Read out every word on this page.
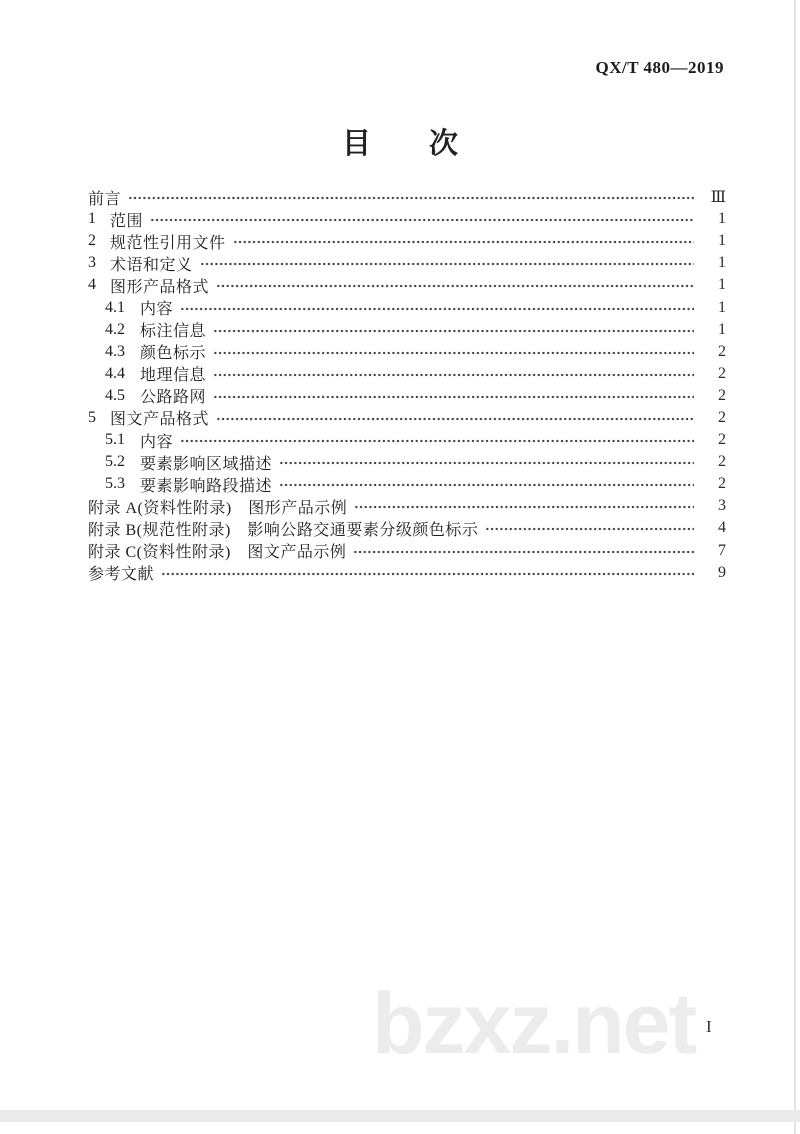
QX/T 480—2019
目　　次
前言	Ⅲ
1 范围	1
2 规范性引用文件	1
3 术语和定义	1
4 图形产品格式	1
4.1 内容	1
4.2 标注信息	1
4.3 颜色标示	2
4.4 地理信息	2
4.5 公路路网	2
5 图文产品格式	2
5.1 内容	2
5.2 要素影响区域描述	2
5.3 要素影响路段描述	2
附录 A(资料性附录)　图形产品示例	3
附录 B(规范性附录)　影响公路交通要素分级颜色标示	4
附录 C(资料性附录)　图文产品示例	7
参考文献	9
bzxz.net I
